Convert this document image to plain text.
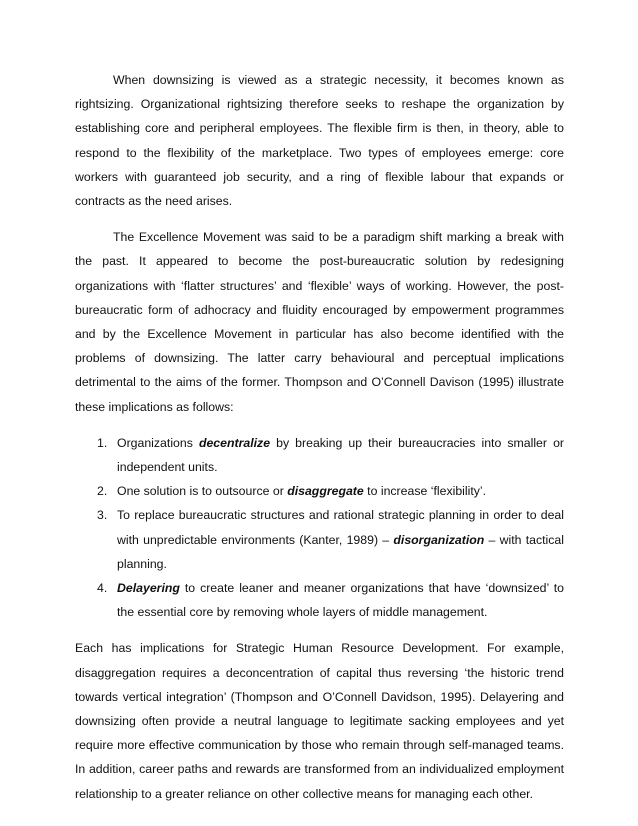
When downsizing is viewed as a strategic necessity, it becomes known as rightsizing. Organizational rightsizing therefore seeks to reshape the organization by establishing core and peripheral employees. The flexible firm is then, in theory, able to respond to the flexibility of the marketplace. Two types of employees emerge: core workers with guaranteed job security, and a ring of flexible labour that expands or contracts as the need arises.

The Excellence Movement was said to be a paradigm shift marking a break with the past. It appeared to become the post-bureaucratic solution by redesigning organizations with ‘flatter structures’ and ‘flexible’ ways of working. However, the post-bureaucratic form of adhocracy and fluidity encouraged by empowerment programmes and by the Excellence Movement in particular has also become identified with the problems of downsizing. The latter carry behavioural and perceptual implications detrimental to the aims of the former. Thompson and O’Connell Davison (1995) illustrate these implications as follows:

1. Organizations decentralize by breaking up their bureaucracies into smaller or independent units.
2. One solution is to outsource or disaggregate to increase ‘flexibility’.
3. To replace bureaucratic structures and rational strategic planning in order to deal with unpredictable environments (Kanter, 1989) – disorganization – with tactical planning.
4. Delayering to create leaner and meaner organizations that have ‘downsized’ to the essential core by removing whole layers of middle management.

Each has implications for Strategic Human Resource Development. For example, disaggregation requires a deconcentration of capital thus reversing ‘the historic trend towards vertical integration’ (Thompson and O’Connell Davidson, 1995). Delayering and downsizing often provide a neutral language to legitimate sacking employees and yet require more effective communication by those who remain through self-managed teams. In addition, career paths and rewards are transformed from an individualized employment relationship to a greater reliance on other collective means for managing each other.
